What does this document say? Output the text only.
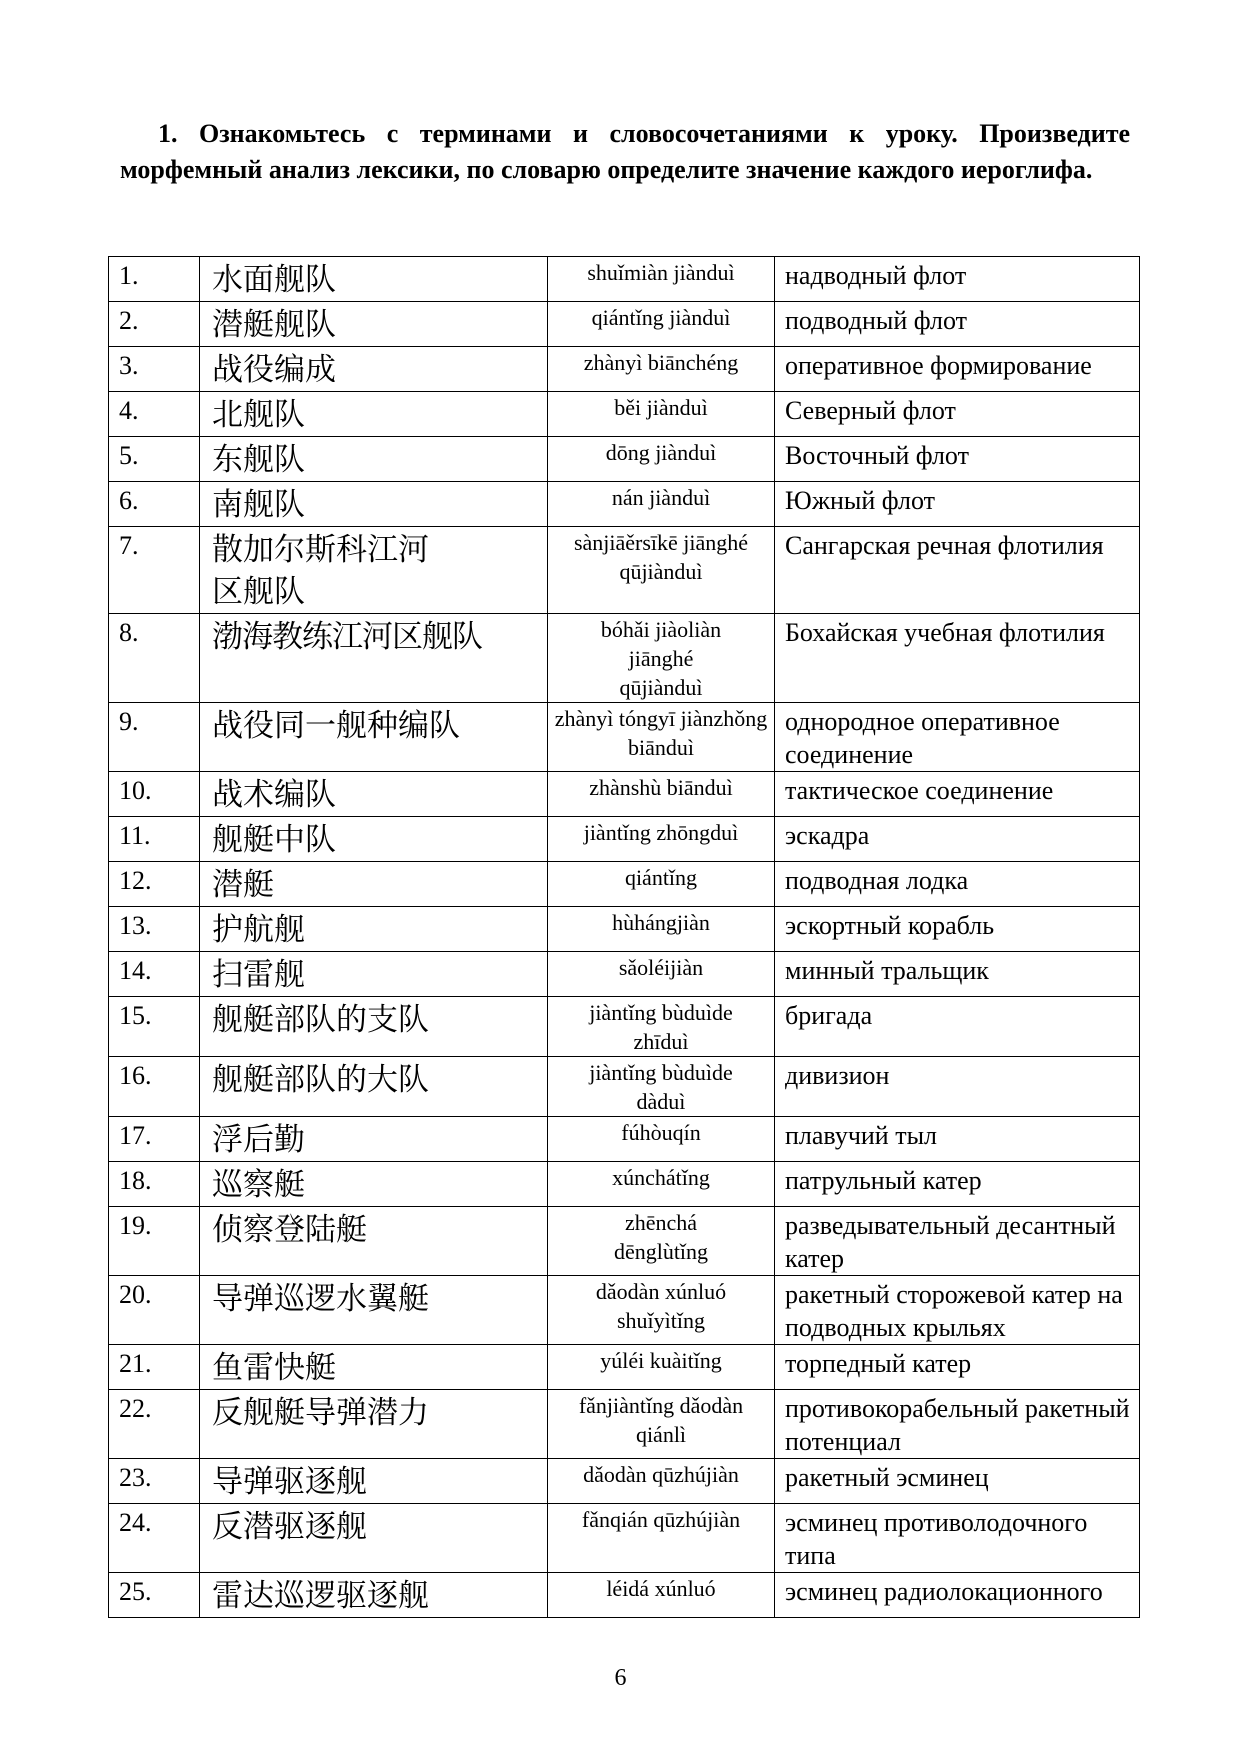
1. Ознакомьтесь с терминами и словосочетаниями к уроку. Произведите морфемный анализ лексики, по словарю определите значение каждого иероглифа.
1.	水面舰队	shuǐmiàn jiànduì	надводный флот
2.	潜艇舰队	qiántǐng jiànduì	подводный флот
3.	战役编成	zhànyì biānchéng	оперативное формирование
4.	北舰队	běi jiànduì	Северный флот
5.	东舰队	dōng jiànduì	Восточный флот
6.	南舰队	nán jiànduì	Южный флот
7.	散加尔斯科江河区舰队	sànjiāěrsīkē jiānghé qūjiànduì	Сангарская речная флотилия
8.	渤海教练江河区舰队	bóhǎi jiàoliàn jiānghé qūjiànduì	Бохайская учебная флотилия
9.	战役同一舰种编队	zhànyì tóngyī jiànzhǒng biānduì	однородное оперативное соединение
10.	战术编队	zhànshù biānduì	тактическое соединение
11.	舰艇中队	jiàntǐng zhōngduì	эскадра
12.	潜艇	qiántǐng	подводная лодка
13.	护航舰	hùhángjiàn	эскортный корабль
14.	扫雷舰	sǎoléijiàn	минный тральщик
15.	舰艇部队的支队	jiàntǐng bùduìde zhīduì	бригада
16.	舰艇部队的大队	jiàntǐng bùduìde dàduì	дивизион
17.	浮后勤	fúhòuqín	плавучий тыл
18.	巡察艇	xúnchátǐng	патрульный катер
19.	侦察登陆艇	zhēnchá dēnglùtǐng	разведывательный десантный катер
20.	导弹巡逻水翼艇	dǎodàn xúnluó shuǐyìtǐng	ракетный сторожевой катер на подводных крыльях
21.	鱼雷快艇	yúléi kuàitǐng	торпедный катер
22.	反舰艇导弹潜力	fǎnjiàntǐng dǎodàn qiánlì	противокорабельный ракетный потенциал
23.	导弹驱逐舰	dǎodàn qūzhújiàn	ракетный эсминец
24.	反潜驱逐舰	fǎnqián qūzhújiàn	эсминец противолодочного типа
25.	雷达巡逻驱逐舰	léidá xúnluó	эсминец радиолокационного
6
